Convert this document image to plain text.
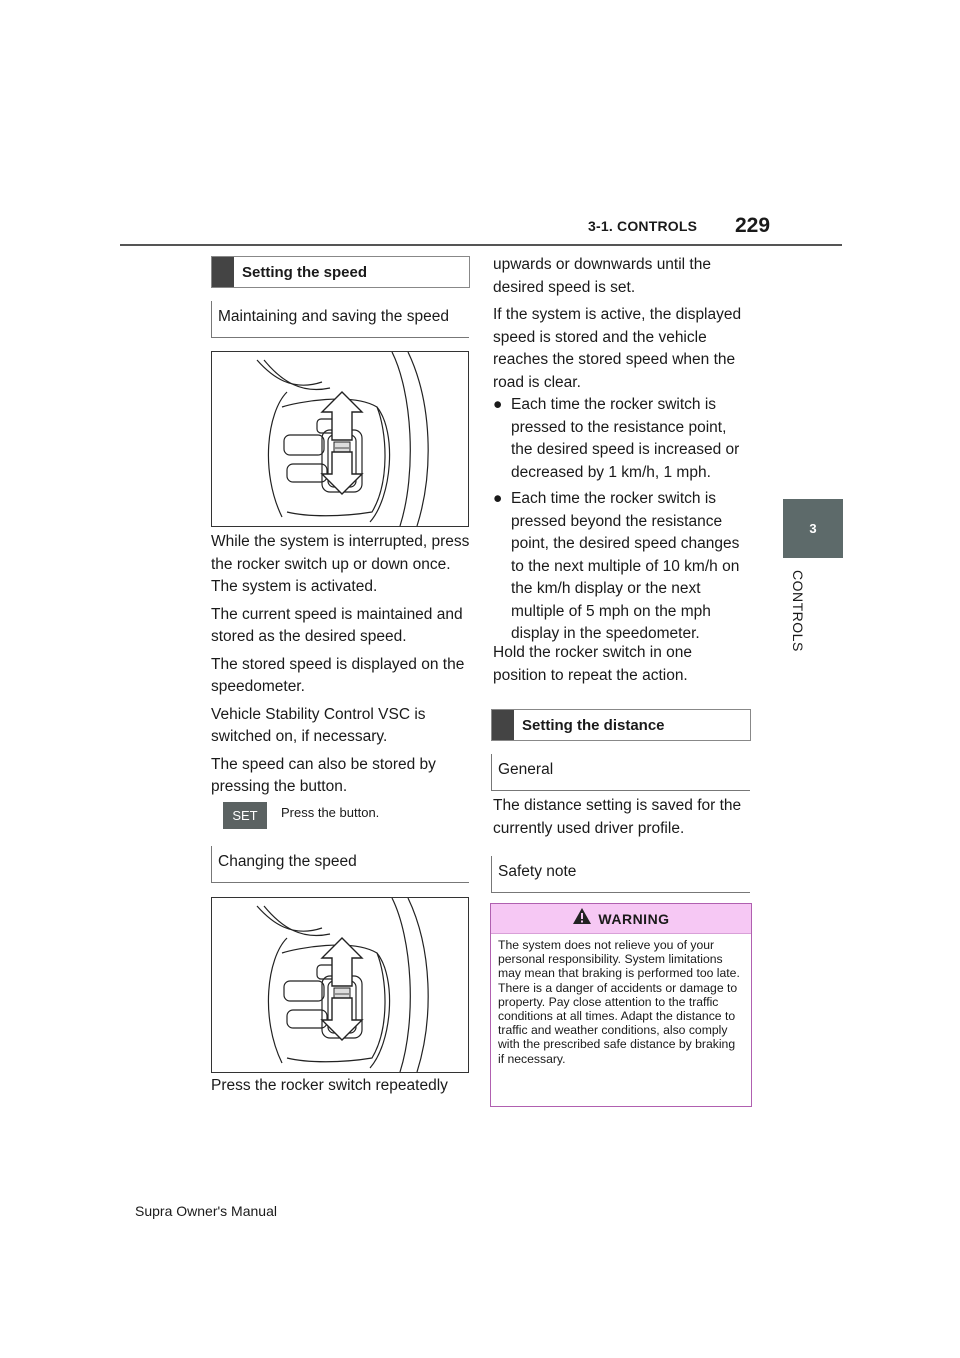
3-1. CONTROLS 229
3
CONTROLS
Setting the speed
Maintaining and saving the speed

While the system is interrupted, press the rocker switch up or down once. The system is activated.

The current speed is maintained and stored as the desired speed.

The stored speed is displayed on the speedometer.

Vehicle Stability Control VSC is switched on, if necessary.

The speed can also be stored by pressing the button.

SET Press the button.
Changing the speed

Press the rocker switch repeatedly

upwards or downwards until the desired speed is set.

If the system is active, the displayed speed is stored and the vehicle reaches the stored speed when the road is clear.

● Each time the rocker switch is pressed to the resistance point, the desired speed is increased or decreased by 1 km/h, 1 mph.
● Each time the rocker switch is pressed beyond the resistance point, the desired speed changes to the next multiple of 10 km/h on the km/h display or the next multiple of 5 mph on the mph display in the speedometer.

Hold the rocker switch in one position to repeat the action.

Setting the distance
General

The distance setting is saved for the currently used driver profile.

Safety note
WARNING
The system does not relieve you of your personal responsibility. System limitations may mean that braking is performed too late. There is a danger of accidents or damage to property. Pay close attention to the traffic conditions at all times. Adapt the distance to traffic and weather conditions, also comply with the prescribed safe distance by braking if necessary.
Supra Owner's Manual
